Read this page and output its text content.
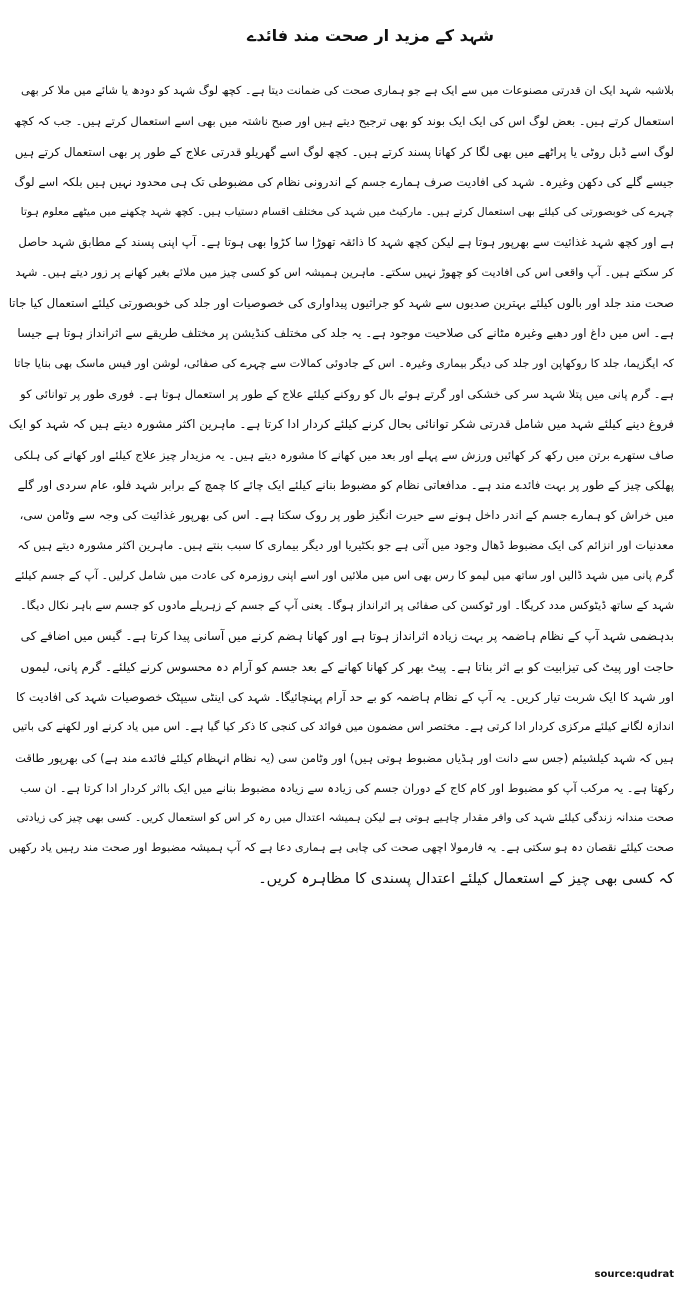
شہد کے مزید ار صحت مند فائدے
بلاشبہ شہد ایک ان قدرتی مصنوعات میں سے ایک ہے جو ہماری صحت کی ضمانت دیتا ہے۔ کچھ لوگ شہد کو دودھ یا شائے میں ملا کر بھی
استعمال کرتے ہیں۔ بعض لوگ اس کی ایک ایک بوند کو بھی ترجیح دیتے ہیں اور صبح ناشتہ میں بھی اسے استعمال کرتے ہیں۔ جب کہ کچھ
لوگ اسے ڈبل روٹی یا پراٹھے میں بھی لگا کر کھانا پسند کرتے ہیں۔ کچھ لوگ اسے گھریلو قدرتی علاج کے طور پر بھی استعمال کرتے ہیں
جیسے گلے کی دکھن وغیرہ۔ شہد کی افادیت صرف ہمارے جسم کے اندرونی نظام کی مضبوطی تک ہی محدود نہیں ہیں بلکہ اسے لوگ
چہرے کی خوبصورتی کی کیلئے بھی استعمال کرتے ہیں۔ مارکیٹ میں شہد کی مختلف اقسام دستیاب ہیں۔ کچھ شہد چکھنے میں میٹھے معلوم ہوتا
ہے اور کچھ شہد غذائیت سے بھرپور ہوتا ہے لیکن کچھ شہد کا ذائقہ تھوڑا سا کڑوا بھی ہوتا ہے۔ آپ اپنی پسند کے مطابق شہد حاصل
کر سکتے ہیں۔ آپ واقعی اس کی افادیت کو چھوڑ نہیں سکتے۔ ماہرین ہمیشہ اس کو کسی چیز میں ملائے بغیر کھانے پر زور دیتے ہیں۔ شہد
صحت مند جلد اور بالوں کیلئے بہترین صدیوں سے شہد کو جراثیوں پیداواری کی خصوصیات اور جلد کی خوبصورتی کیلئے استعمال کیا جاتا
ہے۔ اس میں داغ اور دھبے وغیرہ مٹانے کی صلاحیت موجود ہے۔ یہ جلد کی مختلف کنڈیشن پر مختلف طریقے سے اثرانداز ہوتا ہے جیسا
کہ ایگزیما، جلد کا روکھاپن اور جلد کی دیگر بیماری وغیرہ۔ اس کے جادوئی کمالات سے چہرے کی صفائی، لوشن اور فیس ماسک بھی بنایا جاتا
ہے۔ گرم پانی میں پتلا شہد سر کی خشکی اور گرتے ہوئے بال کو روکنے کیلئے علاج کے طور پر استعمال ہوتا ہے۔ فوری طور پر توانائی کو
فروغ دینے کیلئے شہد میں شامل قدرتی شکر توانائی بحال کرنے کیلئے کردار ادا کرتا ہے۔ ماہرین اکثر مشورہ دیتے ہیں کہ شہد کو ایک
صاف ستھرے برتن میں رکھ کر کھائیں ورزش سے پہلے اور بعد میں کھانے کا مشورہ دیتے ہیں۔ یہ مزیدار چیز علاج کیلئے اور کھانے کی ہلکی
پھلکی چیز کے طور پر بہت فائدے مند ہے۔ مدافعاتی نظام کو مضبوط بنانے کیلئے ایک چائے کا چمچ کے برابر شہد فلو، عام سردی اور گلے
میں خراش کو ہمارے جسم کے اندر داخل ہونے سے حیرت انگیز طور پر روک سکتا ہے۔ اس کی بھرپور غذائیت کی وجہ سے وٹامن سی،
معدنیات اور انزائم کی ایک مضبوط ڈھال وجود میں آتی ہے جو بکٹیریا اور دیگر بیماری کا سبب بنتے ہیں۔ ماہرین اکثر مشورہ دیتے ہیں کہ
گرم پانی میں شہد ڈالیں اور ساتھ میں لیمو کا رس بھی اس میں ملائیں اور اسے اپنی روزمرہ کی عادت میں شامل کرلیں۔ آپ کے جسم کیلئے
شہد کے ساتھ ڈیٹوکس مدد کریگا۔ اور ٹوکسن کی صفائی پر اثرانداز ہوگا۔ یعنی آپ کے جسم کے زہریلے مادوں کو جسم سے باہر نکال دیگا۔
بدہضمی شہد آپ کے نظام ہاضمہ پر بہت زیادہ اثرانداز ہوتا ہے اور کھانا ہضم کرنے میں آسانی پیدا کرتا ہے۔ گیس میں اضافے کی
حاجت اور پیٹ کی تیزابیت کو بے اثر بناتا ہے۔ پیٹ بھر کر کھانا کھانے کے بعد جسم کو آرام دہ محسوس کرنے کیلئے۔ گرم پانی، لیموں
اور شہد کا ایک شربت تیار کریں۔ یہ آپ کے نظام ہاضمہ کو بے حد آرام پہنچائیگا۔ شہد کی اینٹی سیپٹک خصوصیات شہد کی افادیت کا
اندازہ لگانے کیلئے مرکزی کردار ادا کرتی ہے۔ مختصر اس مضمون میں فوائد کی کنجی کا ذکر کیا گیا ہے۔ اس میں یاد کرنے اور لکھنے کی باتیں
ہیں کہ شہد کیلشیئم (جس سے دانت اور ہڈیاں مضبوط ہوتی ہیں) اور وٹامن سی (یہ نظام انہظام کیلئے فائدے مند ہے) کی بھرپور طاقت
رکھتا ہے۔ یہ مرکب آپ کو مضبوط اور کام کاج کے دوران جسم کی زیادہ سے زیادہ مضبوط بنانے میں ایک بااثر کردار ادا کرتا ہے۔ ان سب
صحت مندانہ زندگی کیلئے شہد کی وافر مقدار چاہیے ہوتی ہے لیکن ہمیشہ اعتدال میں رہ کر اس کو استعمال کریں۔ کسی بھی چیز کی زیادتی
صحت کیلئے نقصان دہ ہو سکتی ہے۔ یہ فارمولا اچھی صحت کی چابی ہے ہماری دعا ہے کہ آپ ہمیشہ مضبوط اور صحت مند رہیں یاد رکھیں
کہ کسی بھی چیز کے استعمال کیلئے اعتدال پسندی کا مظاہرہ کریں۔
source:qudrat
